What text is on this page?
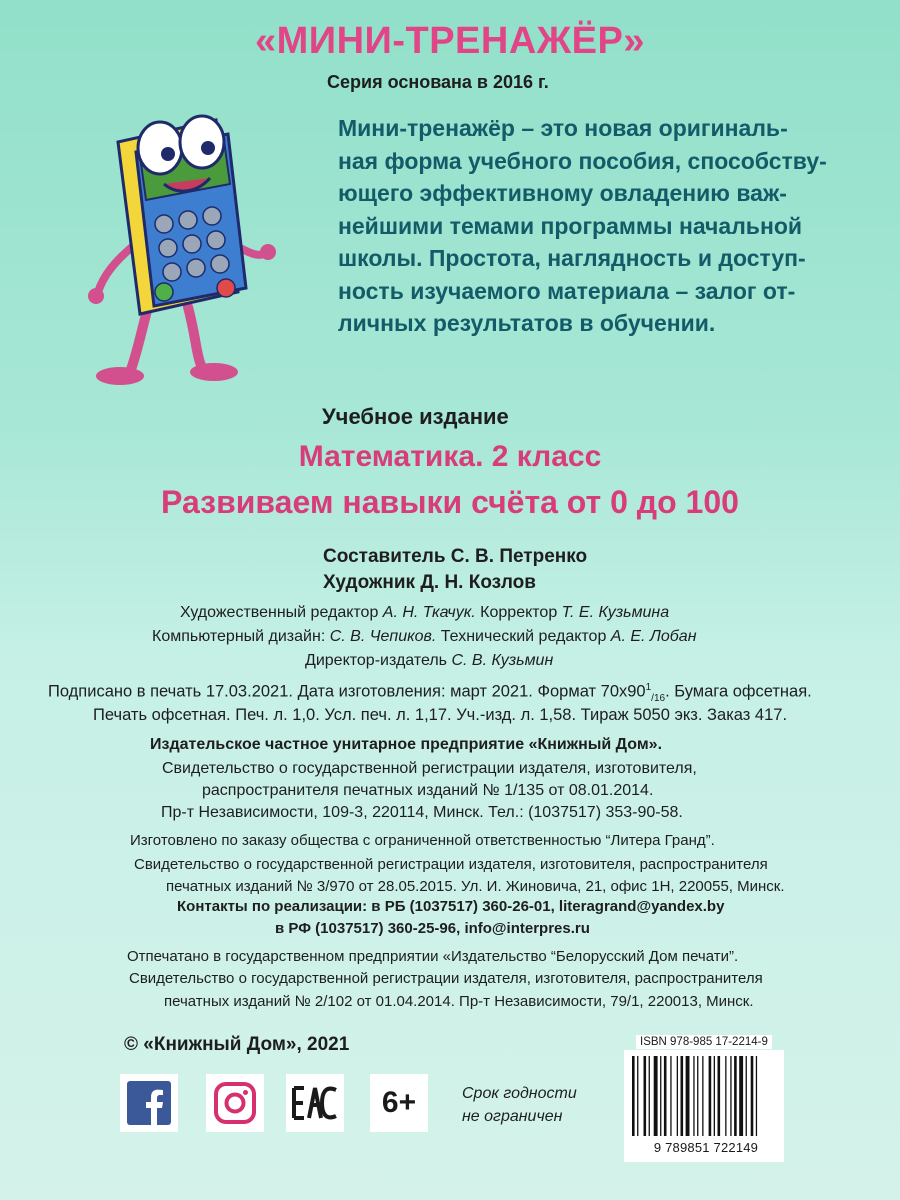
«МИНИ-ТРЕНАЖЁР»
Серия основана в 2016 г.

Мини-тренажёр – это новая оригиналь-
ная форма учебного пособия, способству-
ющего эффективному овладению важ-
нейшими темами программы начальной
школы. Простота, наглядность и доступ-
ность изучаемого материала – залог от-
личных результатов в обучении.

Учебное издание
Математика. 2 класс
Развиваем навыки счёта от 0 до 100
Составитель С. В. Петренко
Художник Д. Н. Козлов
Художественный редактор А. Н. Ткачук. Корректор Т. Е. Кузьмина
Компьютерный дизайн: С. В. Чепиков. Технический редактор А. Е. Лобан
Директор-издатель С. В. Кузьмин
Подписано в печать 17.03.2021. Дата изготовления: март 2021. Формат $70х90^1_{/16}$. Бумага офсетная.
Печать офсетная. Печ. л. 1,0. Усл. печ. л. 1,17. Уч.-изд. л. 1,58. Тираж 5050 экз. Заказ 417.
Издательское частное унитарное предприятие «Книжный Дом».
Свидетельство о государственной регистрации издателя, изготовителя,
распространителя печатных изданий № 1/135 от 08.01.2014.
Пр-т Независимости, 109-3, 220114, Минск. Тел.: (1037517) 353-90-58.
Изготовлено по заказу общества с ограниченной ответственностью “Литера Гранд”.
Свидетельство о государственной регистрации издателя, изготовителя, распространителя
печатных изданий № 3/970 от 28.05.2015. Ул. И. Жиновича, 21, офис 1Н, 220055, Минск.
Контакты по реализации: в РБ (1037517) 360-26-01, literagrand@yandex.by
в РФ (1037517) 360-25-96, info@interpres.ru
Отпечатано в государственном предприятии «Издательство “Белорусский Дом печати”.
Свидетельство о государственной регистрации издателя, изготовителя, распространителя
печатных изданий № 2/102 от 01.04.2014. Пр-т Независимости, 79/1, 220013, Минск.
© «Книжный Дом», 2021
6+	Срок годности
не ограничен
ISBN 978-985 17-2214-9
9 789851 722149
